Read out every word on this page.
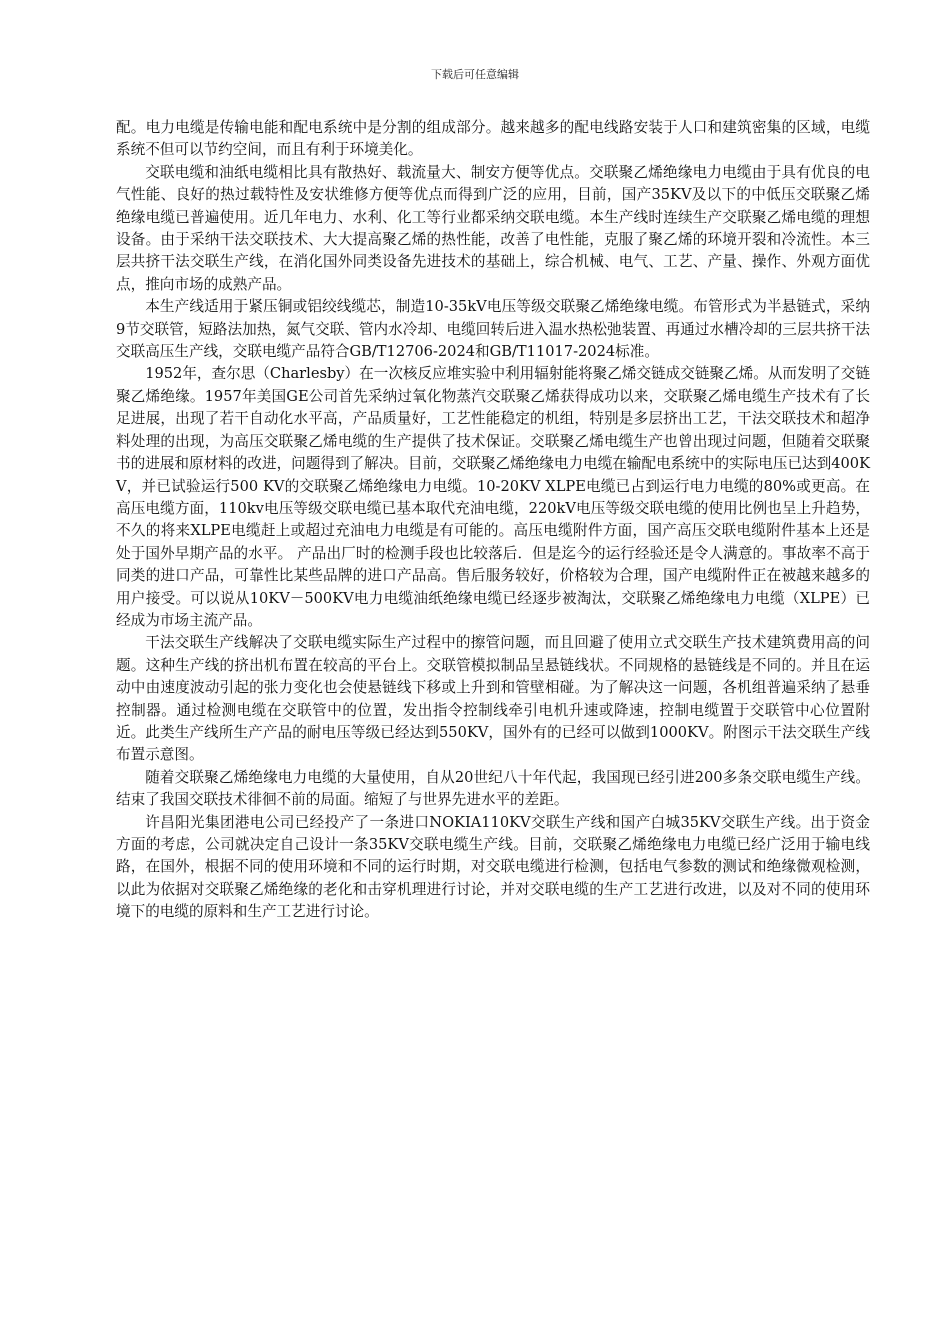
下载后可任意编辑

配。电力电缆是传输电能和配电系统中是分割的组成部分。越来越多的配电线路安装于人口和建筑密集的区域，电缆系统不但可以节约空间，而且有利于环境美化。

交联电缆和油纸电缆相比具有散热好、载流量大、制安方便等优点。交联聚乙烯绝缘电力电缆由于具有优良的电气性能、良好的热过载特性及安状维修方便等优点而得到广泛的应用，目前，国产35KV及以下的中低压交联聚乙烯绝缘电缆已普遍使用。近几年电力、水利、化工等行业都采纳交联电缆。本生产线时连续生产交联聚乙烯电缆的理想设备。由于采纳干法交联技术、大大提高聚乙烯的热性能，改善了电性能，克服了聚乙烯的环境开裂和冷流性。本三层共挤干法交联生产线，在消化国外同类设备先进技术的基础上，综合机械、电气、工艺、产量、操作、外观方面优点，推向市场的成熟产品。

本生产线适用于紧压铜或铝绞线缆芯，制造10-35kV电压等级交联聚乙烯绝缘电缆。布管形式为半悬链式，采纳9节交联管，短路法加热，氮气交联、管内水冷却、电缆回转后进入温水热松弛装置、再通过水槽冷却的三层共挤干法交联高压生产线，交联电缆产品符合GB/T12706-2024和GB/T11017-2024标准。

1952年，查尔思（Charlesby）在一次核反应堆实验中利用辐射能将聚乙烯交链成交链聚乙烯。从而发明了交链聚乙烯绝缘。1957年美国GE公司首先采纳过氧化物蒸汽交联聚乙烯获得成功以来，交联聚乙烯电缆生产技术有了长足进展，出现了若干自动化水平高，产品质量好，工艺性能稳定的机组，特别是多层挤出工艺，干法交联技术和超净料处理的出现，为高压交联聚乙烯电缆的生产提供了技术保证。交联聚乙烯电缆生产也曾出现过问题，但随着交联聚书的进展和原材料的改进，问题得到了解决。目前，交联聚乙烯绝缘电力电缆在输配电系统中的实际电压已达到400KV，并已试验运行500 KV的交联聚乙烯绝缘电力电缆。10-20KV XLPE电缆已占到运行电力电缆的80%或更高。在高压电缆方面，110kv电压等级交联电缆已基本取代充油电缆，220kV电压等级交联电缆的使用比例也呈上升趋势，不久的将来XLPE电缆赶上或超过充油电力电缆是有可能的。高压电缆附件方面，国产高压交联电缆附件基本上还是处于国外早期产品的水平。 产品出厂时的检测手段也比较落后．但是迄今的运行经验还是令人满意的。事故率不高于同类的进口产品，可靠性比某些品牌的进口产品高。售后服务较好，价格较为合理，国产电缆附件正在被越来越多的用户接受。可以说从10KV－500KV电力电缆油纸绝缘电缆已经逐步被淘汰，交联聚乙烯绝缘电力电缆（XLPE）已经成为市场主流产品。

干法交联生产线解决了交联电缆实际生产过程中的擦管问题，而且回避了使用立式交联生产技术建筑费用高的问题。这种生产线的挤出机布置在较高的平台上。交联管模拟制品呈悬链线状。不同规格的悬链线是不同的。并且在运动中由速度波动引起的张力变化也会使悬链线下移或上升到和管壁相碰。为了解决这一问题，各机组普遍采纳了悬垂控制器。通过检测电缆在交联管中的位置，发出指令控制线牵引电机升速或降速，控制电缆置于交联管中心位置附近。此类生产线所生产产品的耐电压等级已经达到550KV，国外有的已经可以做到1000KV。附图示干法交联生产线布置示意图。

随着交联聚乙烯绝缘电力电缆的大量使用，自从20世纪八十年代起，我国现已经引进200多条交联电缆生产线。结束了我国交联技术徘徊不前的局面。缩短了与世界先进水平的差距。

许昌阳光集团港电公司已经投产了一条进口NOKIA110KV交联生产线和国产白城35KV交联生产线。出于资金方面的考虑，公司就决定自己设计一条35KV交联电缆生产线。目前，交联聚乙烯绝缘电力电缆已经广泛用于输电线路，在国外，根据不同的使用环境和不同的运行时期，对交联电缆进行检测，包括电气参数的测试和绝缘微观检测，以此为依据对交联聚乙烯绝缘的老化和击穿机理进行讨论，并对交联电缆的生产工艺进行改进，以及对不同的使用环境下的电缆的原料和生产工艺进行讨论。
